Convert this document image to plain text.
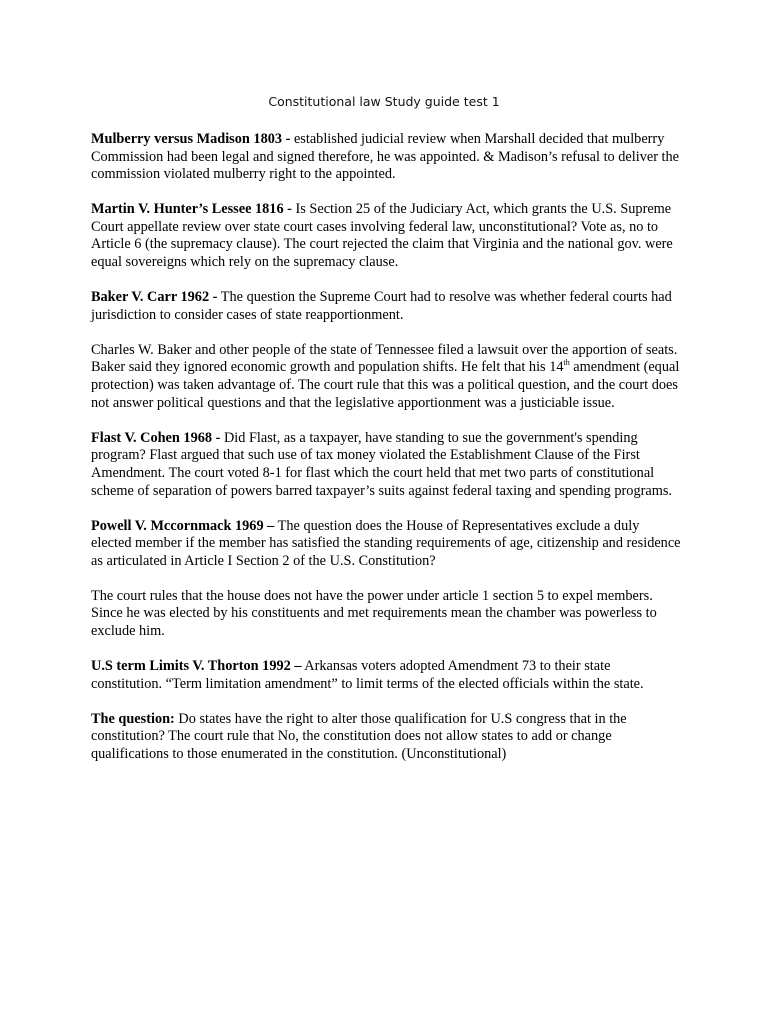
Constitutional law Study guide test 1

Mulberry versus Madison 1803 - established judicial review when Marshall decided that mulberry Commission had been legal and signed therefore, he was appointed. & Madison’s refusal to deliver the commission violated mulberry right to the appointed.

Martin V. Hunter’s Lessee 1816 - Is Section 25 of the Judiciary Act, which grants the U.S. Supreme Court appellate review over state court cases involving federal law, unconstitutional? Vote as, no to Article 6 (the supremacy clause). The court rejected the claim that Virginia and the national gov. were equal sovereigns which rely on the supremacy clause.

Baker V. Carr 1962 - The question the Supreme Court had to resolve was whether federal courts had jurisdiction to consider cases of state reapportionment.

Charles W. Baker and other people of the state of Tennessee filed a lawsuit over the apportion of seats. Baker said they ignored economic growth and population shifts. He felt that his 14th amendment (equal protection) was taken advantage of. The court rule that this was a political question, and the court does not answer political questions and that the legislative apportionment was a justiciable issue.

Flast V. Cohen 1968 - Did Flast, as a taxpayer, have standing to sue the government's spending program? Flast argued that such use of tax money violated the Establishment Clause of the First Amendment. The court voted 8-1 for flast which the court held that met two parts of constitutional scheme of separation of powers barred taxpayer’s suits against federal taxing and spending programs.

Powell V. Mccornmack 1969 – The question does the House of Representatives exclude a duly elected member if the member has satisfied the standing requirements of age, citizenship and residence as articulated in Article I Section 2 of the U.S. Constitution?

The court rules that the house does not have the power under article 1 section 5 to expel members. Since he was elected by his constituents and met requirements mean the chamber was powerless to exclude him.

U.S term Limits V. Thorton 1992 – Arkansas voters adopted Amendment 73 to their state constitution. “Term limitation amendment” to limit terms of the elected officials within the state.

The question: Do states have the right to alter those qualification for U.S congress that in the constitution? The court rule that No, the constitution does not allow states to add or change qualifications to those enumerated in the constitution. (Unconstitutional)
